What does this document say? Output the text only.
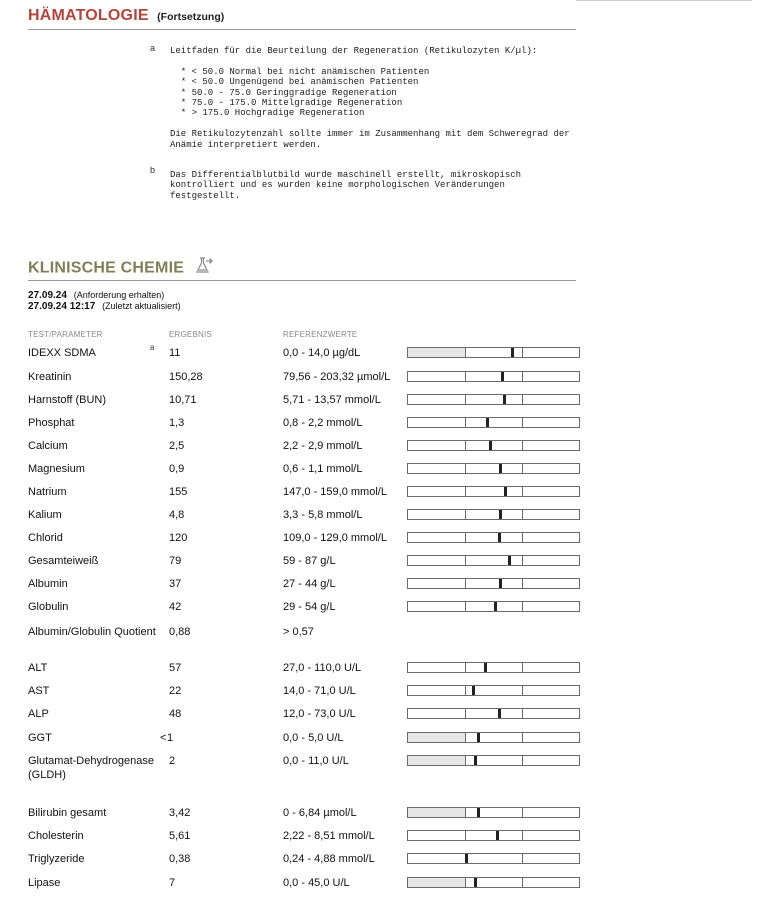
HÄMATOLOGIE (Fortsetzung)
a Leitfaden für die Beurteilung der Regeneration (Retikulozyten K/µl):

* < 50.0 Normal bei nicht anämischen Patienten
* < 50.0 Ungenügend bei anämischen Patienten
* 50.0 - 75.0 Geringgradige Regeneration
* 75.0 - 175.0 Mittelgradige Regeneration
* > 175.0 Hochgradige Regeneration

Die Retikulozytenzahl sollte immer im Zusammenhang mit dem Schweregrad der
Anämie interpretiert werden.
b Das Differentialblutbild wurde maschinell erstellt, mikroskopisch
kontrolliert und es wurden keine morphologischen Veränderungen
festgestellt.
KLINISCHE CHEMIE
27.09.24 (Anforderung erhalten)
27.09.24 12:17 (Zuletzt aktualisiert)
TEST/PARAMETER	ERGEBNIS	REFERENZWERTE
IDEXX SDMA	a 11	0,0 - 14,0 µg/dL
Kreatinin	150,28	79,56 - 203,32 µmol/L
Harnstoff (BUN)	10,71	5,71 - 13,57 mmol/L
Phosphat	1,3	0,8 - 2,2 mmol/L
Calcium	2,5	2,2 - 2,9 mmol/L
Magnesium	0,9	0,6 - 1,1 mmol/L
Natrium	155	147,0 - 159,0 mmol/L
Kalium	4,8	3,3 - 5,8 mmol/L
Chlorid	120	109,0 - 129,0 mmol/L
Gesamteiweiß	79	59 - 87 g/L
Albumin	37	27 - 44 g/L
Globulin	42	29 - 54 g/L
Albumin/Globulin Quotient	0,88	> 0,57
ALT	57	27,0 - 110,0 U/L
AST	22	14,0 - 71,0 U/L
ALP	48	12,0 - 73,0 U/L
GGT	< 1	0,0 - 5,0 U/L
Glutamat-Dehydrogenase (GLDH)
2	0,0 - 11,0 U/L
Bilirubin gesamt	3,42	0 - 6,84 µmol/L
Cholesterin	5,61	2,22 - 8,51 mmol/L
Triglyzeride	0,38	0,24 - 4,88 mmol/L
Lipase	7	0,0 - 45,0 U/L
